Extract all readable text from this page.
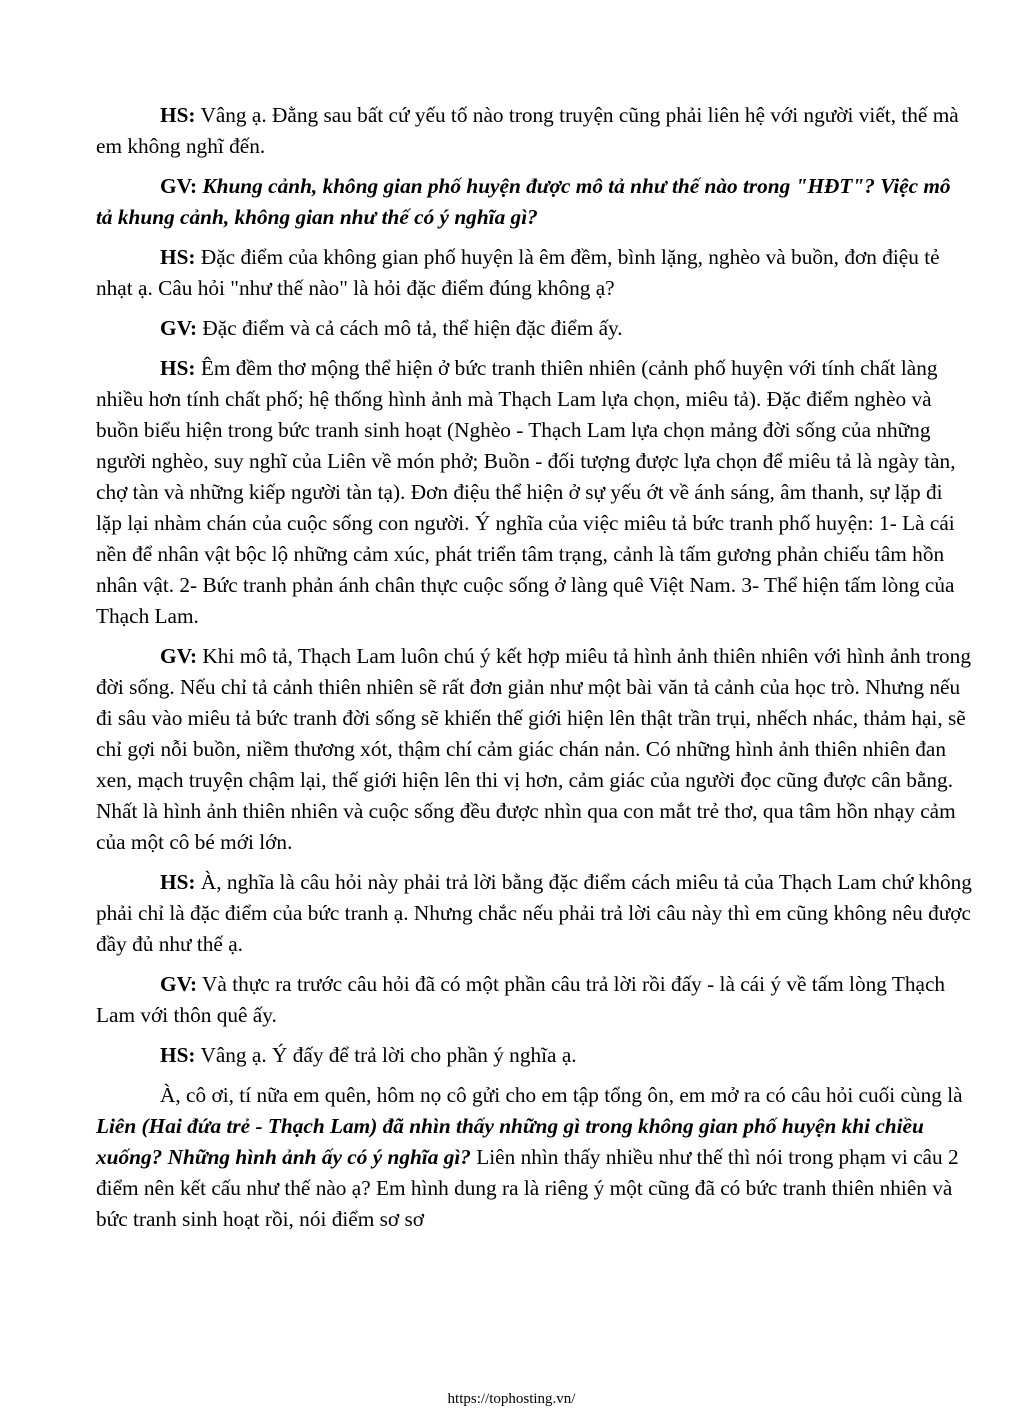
HS: Vâng ạ. Đằng sau bất cứ yếu tố nào trong truyện cũng phải liên hệ với người viết, thế mà em không nghĩ đến.

GV: Khung cảnh, không gian phố huyện được mô tả như thế nào trong "HĐT"? Việc mô tả khung cảnh, không gian như thế có ý nghĩa gì?

HS: Đặc điểm của không gian phố huyện là êm đềm, bình lặng, nghèo và buồn, đơn điệu tẻ nhạt ạ. Câu hỏi "như thế nào" là hỏi đặc điểm đúng không ạ?

GV: Đặc điểm và cả cách mô tả, thể hiện đặc điểm ấy.

HS: Êm đềm thơ mộng thể hiện ở bức tranh thiên nhiên (cảnh phố huyện với tính chất làng nhiều hơn tính chất phố; hệ thống hình ảnh mà Thạch Lam lựa chọn, miêu tả). Đặc điểm nghèo và buồn biểu hiện trong bức tranh sinh hoạt (Nghèo - Thạch Lam lựa chọn mảng đời sống của những người nghèo, suy nghĩ của Liên về món phở; Buồn - đối tượng được lựa chọn để miêu tả là ngày tàn, chợ tàn và những kiếp người tàn tạ). Đơn điệu thể hiện ở sự yếu ớt về ánh sáng, âm thanh, sự lặp đi lặp lại nhàm chán của cuộc sống con người. Ý nghĩa của việc miêu tả bức tranh phố huyện: 1- Là cái nền để nhân vật bộc lộ những cảm xúc, phát triển tâm trạng, cảnh là tấm gương phản chiếu tâm hồn nhân vật. 2- Bức tranh phản ánh chân thực cuộc sống ở làng quê Việt Nam. 3- Thể hiện tấm lòng của Thạch Lam.

GV: Khi mô tả, Thạch Lam luôn chú ý kết hợp miêu tả hình ảnh thiên nhiên với hình ảnh trong đời sống. Nếu chỉ tả cảnh thiên nhiên sẽ rất đơn giản như một bài văn tả cảnh của học trò. Nhưng nếu đi sâu vào miêu tả bức tranh đời sống sẽ khiến thế giới hiện lên thật trần trụi, nhếch nhác, thảm hại, sẽ chỉ gợi nỗi buồn, niềm thương xót, thậm chí cảm giác chán nản. Có những hình ảnh thiên nhiên đan xen, mạch truyện chậm lại, thế giới hiện lên thi vị hơn, cảm giác của người đọc cũng được cân bằng. Nhất là hình ảnh thiên nhiên và cuộc sống đều được nhìn qua con mắt trẻ thơ, qua tâm hồn nhạy cảm của một cô bé mới lớn.

HS: À, nghĩa là câu hỏi này phải trả lời bằng đặc điểm cách miêu tả của Thạch Lam chứ không phải chỉ là đặc điểm của bức tranh ạ. Nhưng chắc nếu phải trả lời câu này thì em cũng không nêu được đầy đủ như thế ạ.

GV: Và thực ra trước câu hỏi đã có một phần câu trả lời rồi đấy - là cái ý về tấm lòng Thạch Lam với thôn quê ấy.

HS: Vâng ạ. Ý đấy để trả lời cho phần ý nghĩa ạ.

À, cô ơi, tí nữa em quên, hôm nọ cô gửi cho em tập tổng ôn, em mở ra có câu hỏi cuối cùng là Liên (Hai đứa trẻ - Thạch Lam) đã nhìn thấy những gì trong không gian phố huyện khi chiều xuống? Những hình ảnh ấy có ý nghĩa gì? Liên nhìn thấy nhiều như thế thì nói trong phạm vi câu 2 điểm nên kết cấu như thế nào ạ? Em hình dung ra là riêng ý một cũng đã có bức tranh thiên nhiên và bức tranh sinh hoạt rồi, nói điểm sơ sơ

https://tophosting.vn/
